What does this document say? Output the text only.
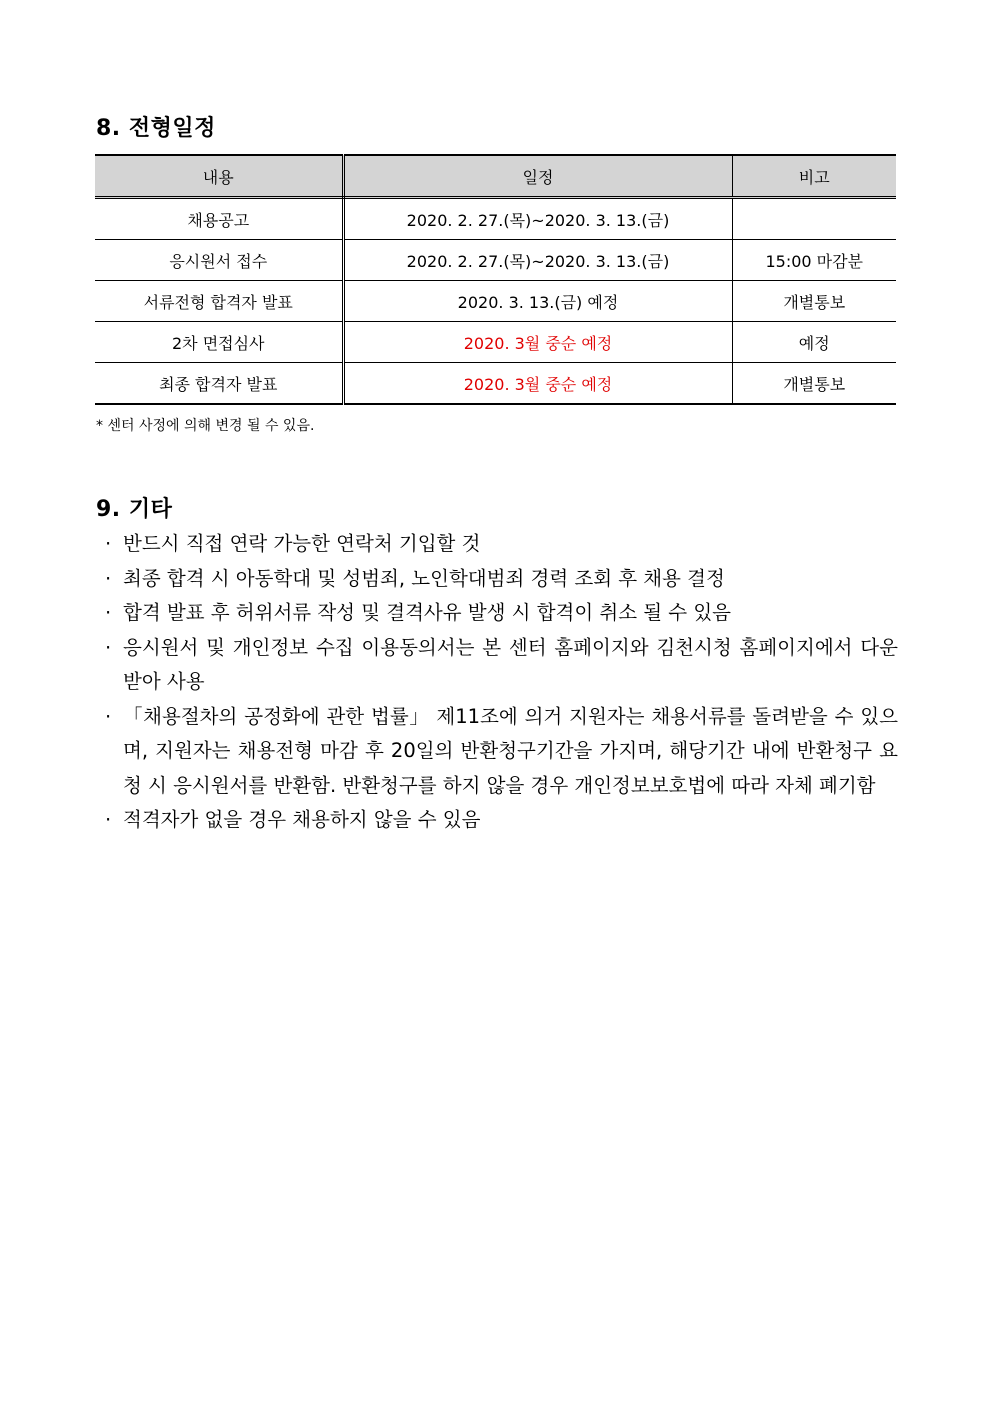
8. 전형일정
내용	일정	비고
채용공고	2020. 2. 27.(목)~2020. 3. 13.(금)	
응시원서 접수	2020. 2. 27.(목)~2020. 3. 13.(금)	15:00 마감분
서류전형 합격자 발표	2020. 3. 13.(금) 예정	개별통보
2차 면접심사	2020. 3월 중순 예정	예정
최종 합격자 발표	2020. 3월 중순 예정	개별통보

* 센터 사정에 의해 변경 될 수 있음.

9. 기타
· 반드시 직접 연락 가능한 연락처 기입할 것
· 최종 합격 시 아동학대 및 성범죄, 노인학대범죄 경력 조회 후 채용 결정
· 합격 발표 후 허위서류 작성 및 결격사유 발생 시 합격이 취소 될 수 있음
· 응시원서 및 개인정보 수집 이용동의서는 본 센터 홈페이지와 김천시청 홈페이지에서 다운 받아 사용
· 「채용절차의 공정화에 관한 법률」 제11조에 의거 지원자는 채용서류를 돌려받을 수 있으며, 지원자는 채용전형 마감 후 20일의 반환청구기간을 가지며, 해당기간 내에 반환청구 요청 시 응시원서를 반환함. 반환청구를 하지 않을 경우 개인정보보호법에 따라 자체 폐기함
· 적격자가 없을 경우 채용하지 않을 수 있음
